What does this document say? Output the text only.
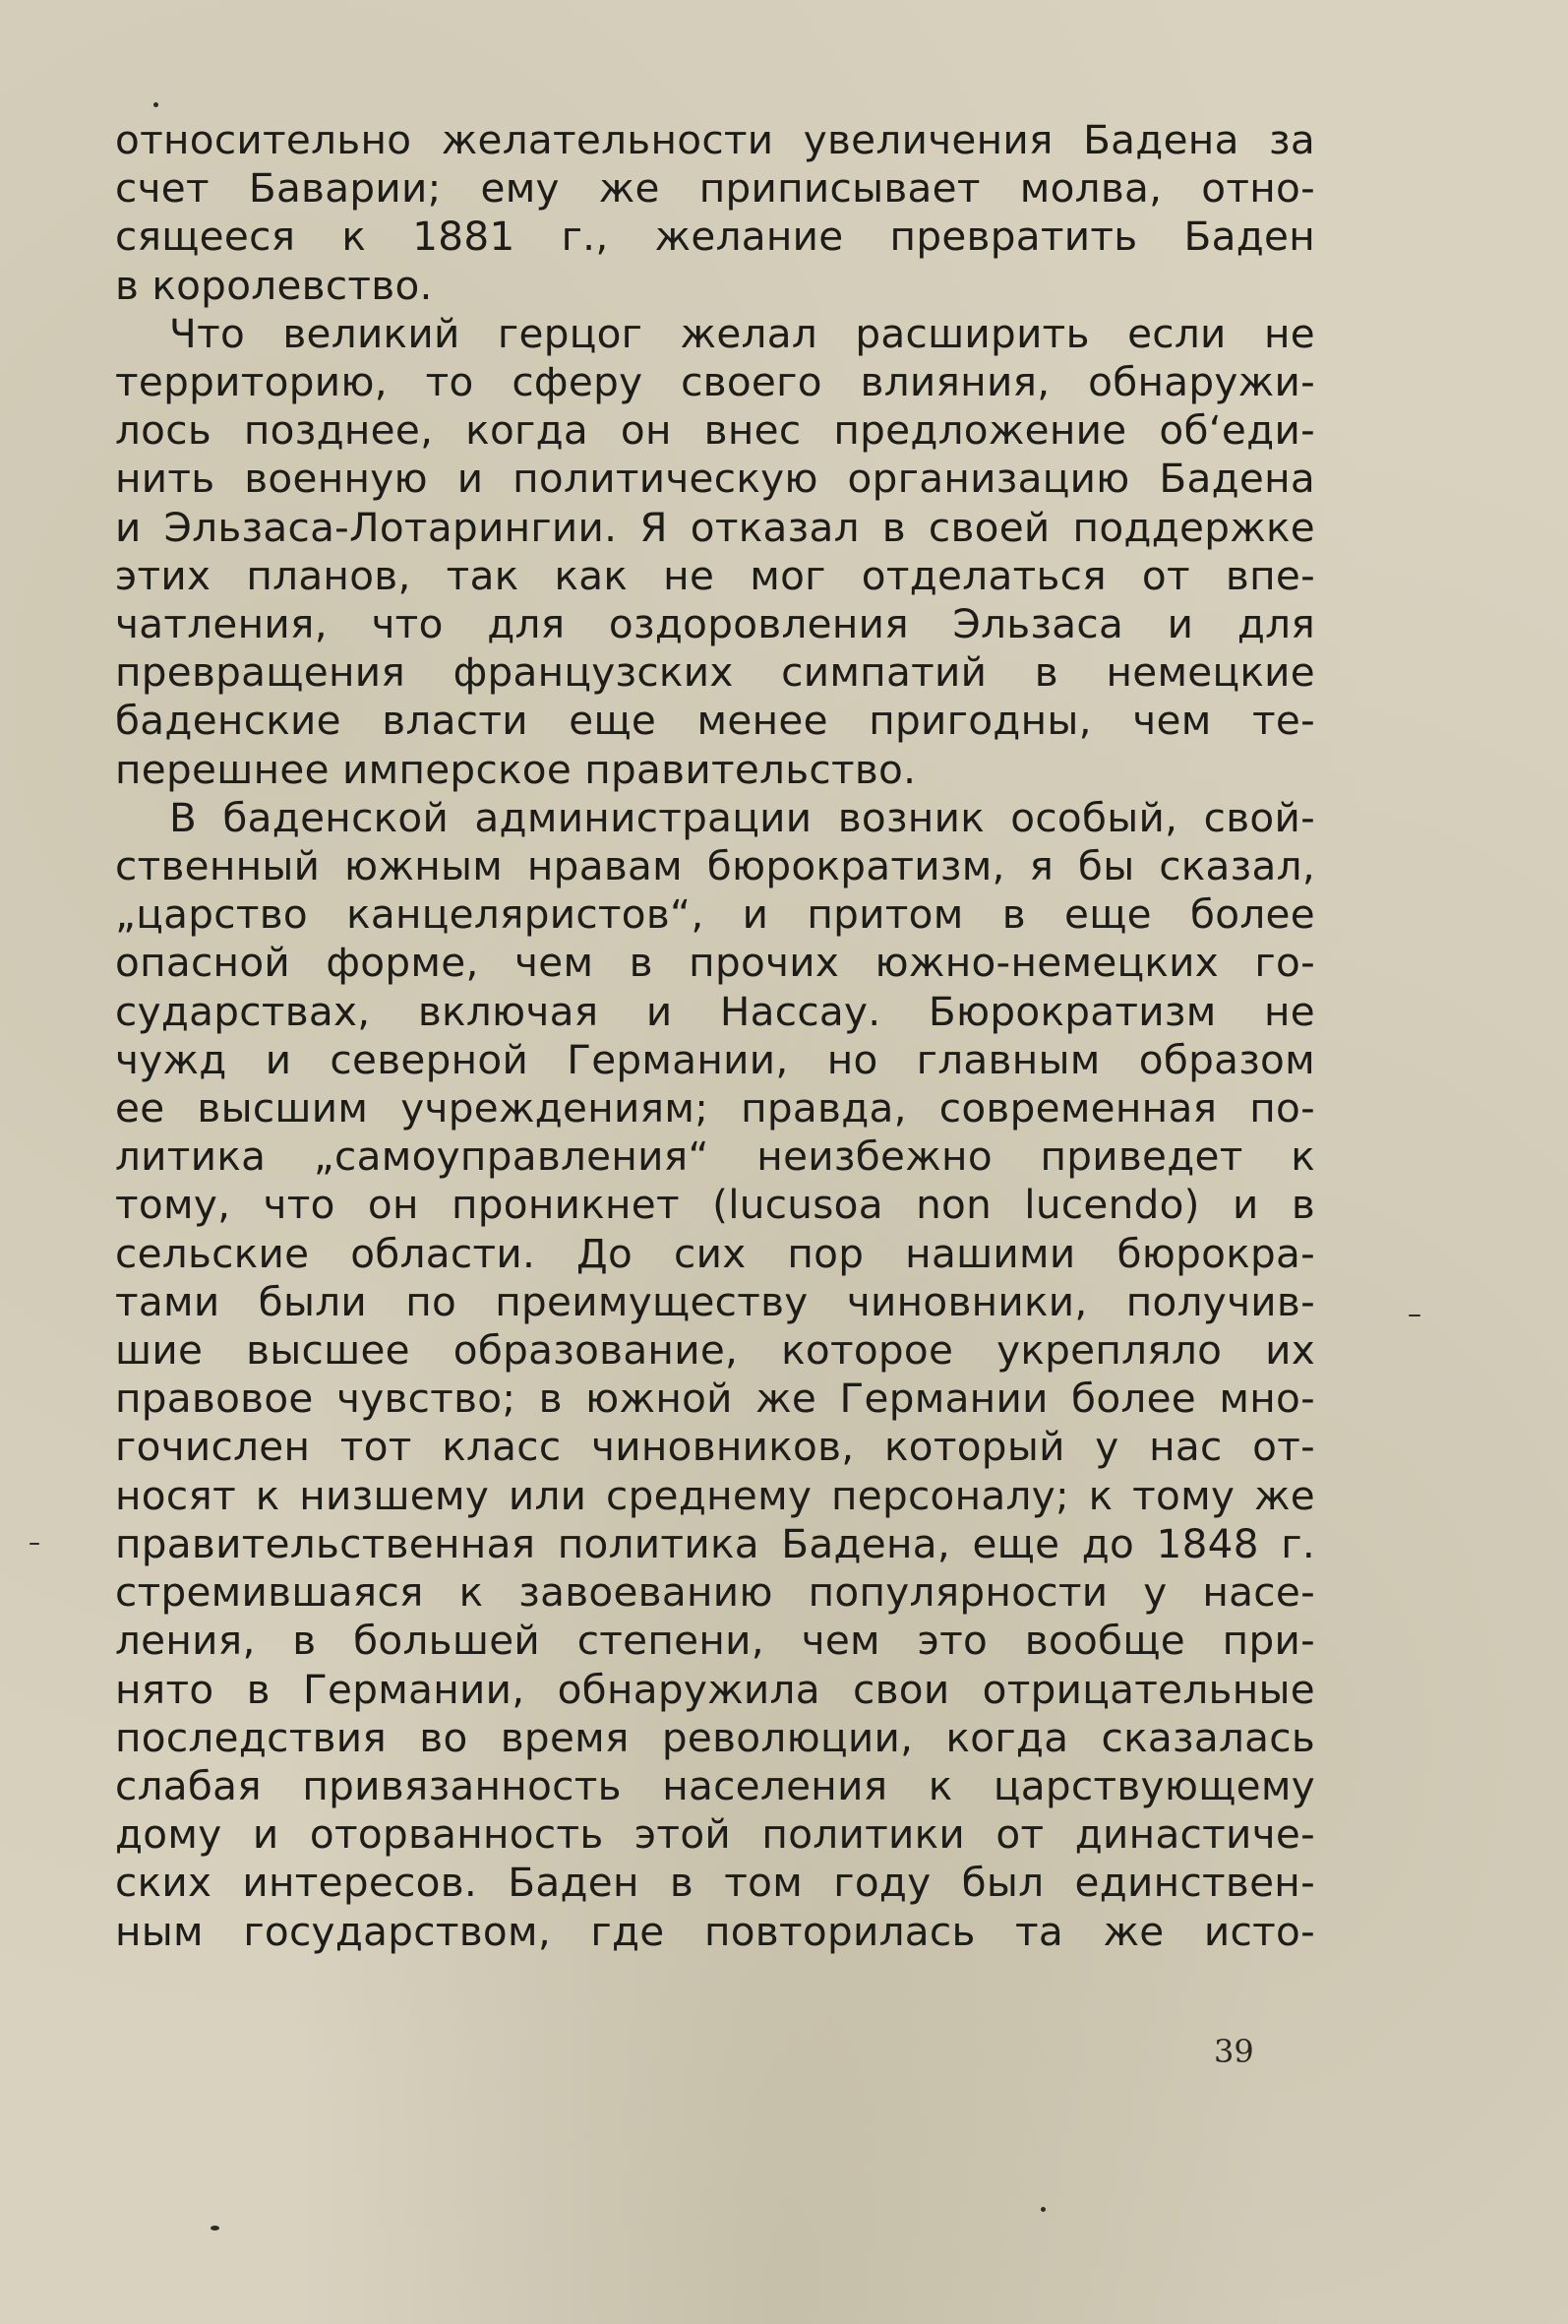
относительно желательности увеличения Бадена за
счет Баварии; ему же приписывает молва, отно-
сящееся к 1881 г., желание превратить Баден
в королевство.
Что великий герцог желал расширить если не
территорию, то сферу своего влияния, обнаружи-
лось позднее, когда он внес предложение об‘еди-
нить военную и политическую организацию Бадена
и Эльзаса-Лотарингии. Я отказал в своей поддержке
этих планов, так как не мог отделаться от впе-
чатления, что для оздоровления Эльзаса и для
превращения французских симпатий в немецкие
баденские власти еще менее пригодны, чем те-
перешнее имперское правительство.
В баденской администрации возник особый, свой-
ственный южным нравам бюрократизм, я бы сказал,
„царство канцеляристов“, и притом в еще более
опасной форме, чем в прочих южно-немецких го-
сударствах, включая и Нассау. Бюрократизм не
чужд и северной Германии, но главным образом
ее высшим учреждениям; правда, современная по-
литика „самоуправления“ неизбежно приведет к
тому, что он проникнет (lucusoa non lucendo) и в
сельские области. До сих пор нашими бюрокра-
тами были по преимуществу чиновники, получив-
шие высшее образование, которое укрепляло их
правовое чувство; в южной же Германии более мно-
гочислен тот класс чиновников, который у нас от-
носят к низшему или среднему персоналу; к тому же
правительственная политика Бадена, еще до 1848 г.
стремившаяся к завоеванию популярности у насе-
ления, в большей степени, чем это вообще при-
нято в Германии, обнаружила свои отрицательные
последствия во время революции, когда сказалась
слабая привязанность населения к царствующему
дому и оторванность этой политики от династиче-
ских интересов. Баден в том году был единствен-
ным государством, где повторилась та же исто-
39
